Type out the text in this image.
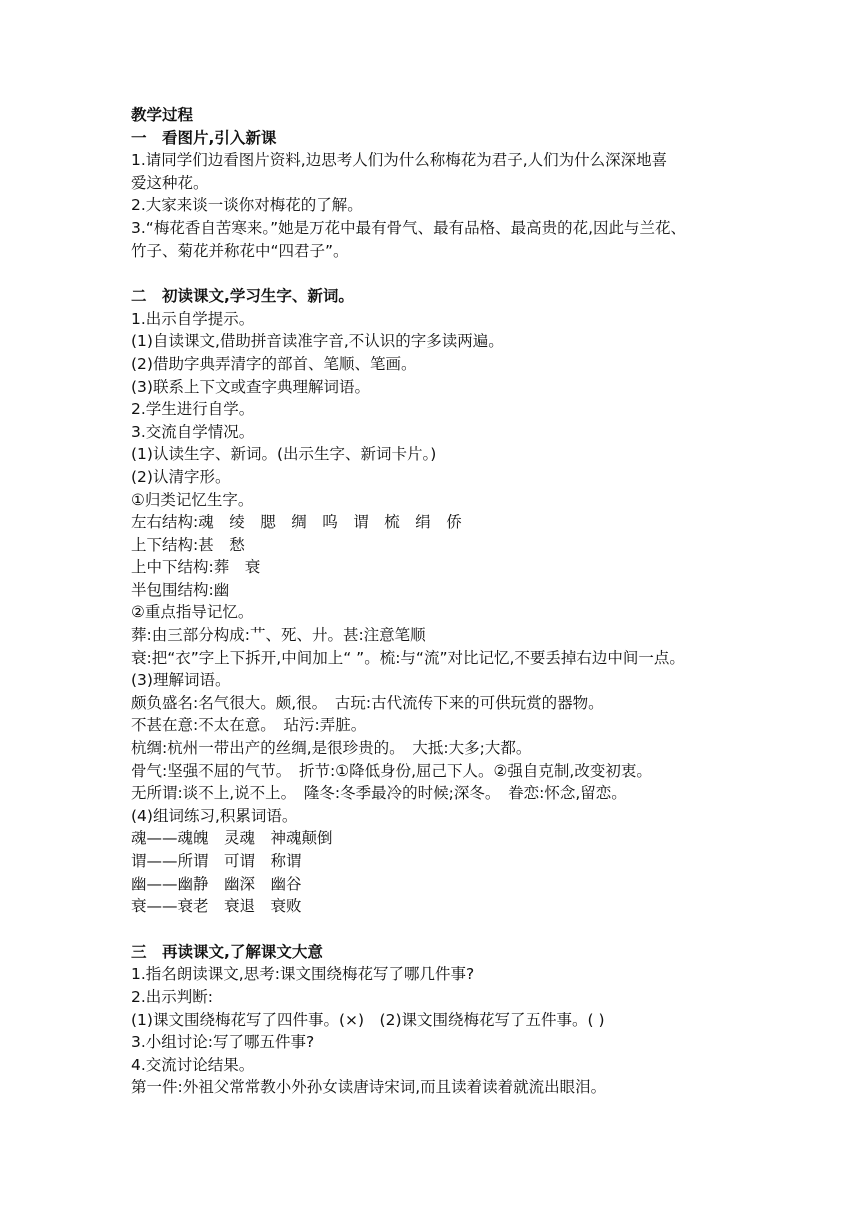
教学过程
一　看图片,引入新课
1.请同学们边看图片资料,边思考人们为什么称梅花为君子,人们为什么深深地喜
爱这种花。
2.大家来谈一谈你对梅花的了解。
3.“梅花香自苦寒来。”她是万花中最有骨气、最有品格、最高贵的花,因此与兰花、
竹子、菊花并称花中“四君子”。
二　初读课文,学习生字、新词。
1.出示自学提示。
(1)自读课文,借助拼音读准字音,不认识的字多读两遍。
(2)借助字典弄清字的部首、笔顺、笔画。
(3)联系上下文或查字典理解词语。
2.学生进行自学。
3.交流自学情况。
(1)认读生字、新词。(出示生字、新词卡片。)
(2)认清字形。
①归类记忆生字。
左右结构:魂　绫　腮　绸　呜　谓　梳　绢　侨
上下结构:甚　愁
上中下结构:葬　衰
半包围结构:幽
②重点指导记忆。
葬:由三部分构成:艹、死、廾。甚:注意笔顺
衰:把“衣”字上下拆开,中间加上“ ”。梳:与“流”对比记忆,不要丢掉右边中间一点。
(3)理解词语。
颇负盛名:名气很大。颇,很。　古玩:古代流传下来的可供玩赏的器物。
不甚在意:不太在意。　玷污:弄脏。
杭绸:杭州一带出产的丝绸,是很珍贵的。　大抵:大多;大都。
骨气:坚强不屈的气节。　折节:①降低身份,屈己下人。②强自克制,改变初衷。
无所谓:谈不上,说不上。　隆冬:冬季最冷的时候;深冬。　眷恋:怀念,留恋。
(4)组词练习,积累词语。
魂——魂魄　灵魂　神魂颠倒
谓——所谓　可谓　称谓
幽——幽静　幽深　幽谷
衰——衰老　衰退　衰败
三　再读课文,了解课文大意
1.指名朗读课文,思考:课文围绕梅花写了哪几件事?
2.出示判断:
(1)课文围绕梅花写了四件事。(×)　(2)课文围绕梅花写了五件事。( )
3.小组讨论:写了哪五件事?
4.交流讨论结果。
第一件:外祖父常常教小外孙女读唐诗宋词,而且读着读着就流出眼泪。
